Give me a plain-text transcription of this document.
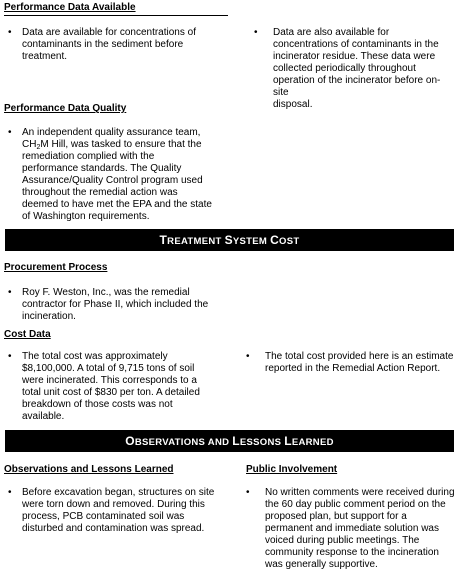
Performance Data Available
• Data are available for concentrations of
contaminants in the sediment before
treatment.
• Data are also available for
concentrations of contaminants in the
incinerator residue. These data were
collected periodically throughout
operation of the incinerator before on-site
disposal.
Performance Data Quality
• An independent quality assurance team,
$CH_2M$ Hill, was tasked to ensure that the
remediation complied with the
performance standards. The Quality
Assurance/Quality Control program used
throughout the remedial action was
deemed to have met the EPA and the state
of Washington requirements.
TREATMENT SYSTEM COST
Procurement Process
• Roy F. Weston, Inc., was the remedial
contractor for Phase II, which included the
incineration.
Cost Data
• The total cost was approximately
$8,100,000. A total of 9,715 tons of soil
were incinerated. This corresponds to a
total unit cost of $830 per ton. A detailed
breakdown of those costs was not
available.
• The total cost provided here is an estimate
reported in the Remedial Action Report.
OBSERVATIONS AND LESSONS LEARNED
Observations and Lessons Learned
• Before excavation began, structures on site
were torn down and removed. During this
process, PCB contaminated soil was
disturbed and contamination was spread.
Public Involvement
• No written comments were received during
the 60 day public comment period on the
proposed plan, but support for a
permanent and immediate solution was
voiced during public meetings. The
community response to the incineration
was generally supportive.
